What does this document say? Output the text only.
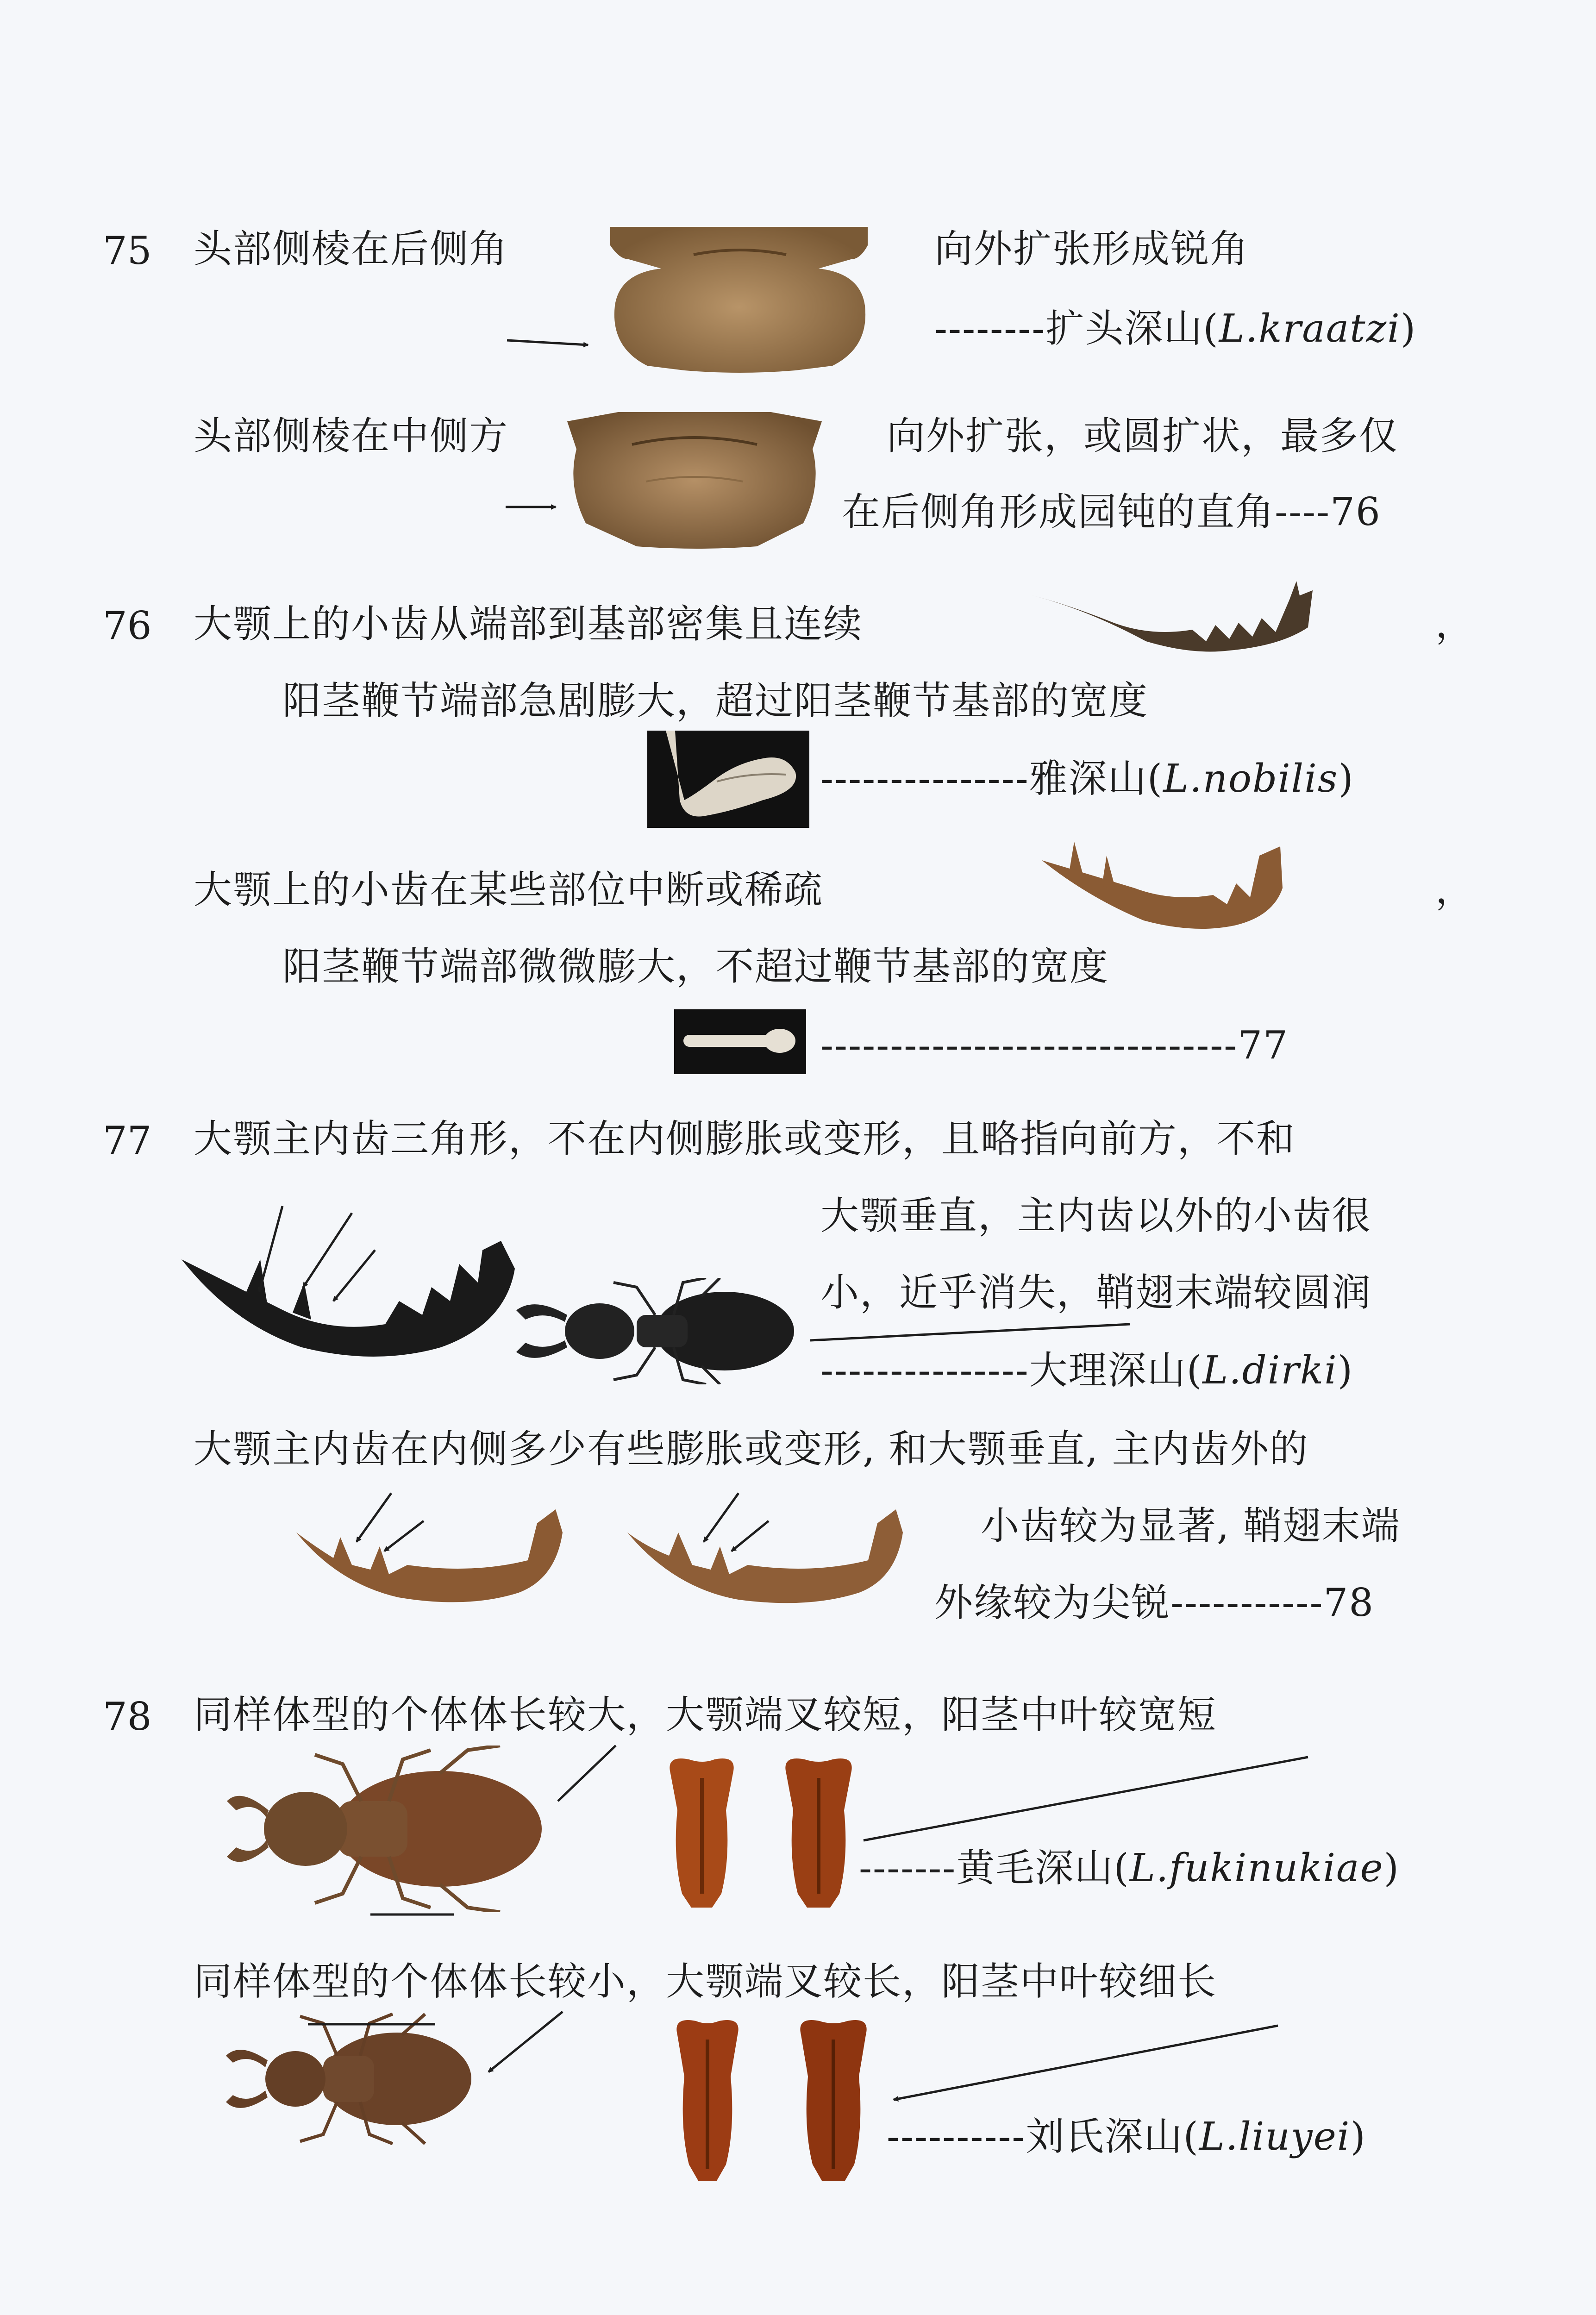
75 头部侧棱在后侧角	向外扩张形成锐角
--------扩头深山(L.kraatzi)
头部侧棱在中侧方	向外扩张，或圆扩状，最多仅
在后侧角形成园钝的直角----76
76 大颚上的小齿从端部到基部密集且连续	，
阳茎鞭节端部急剧膨大，超过阳茎鞭节基部的宽度
---------------雅深山(L.nobilis)
大颚上的小齿在某些部位中断或稀疏	，
阳茎鞭节端部微微膨大，不超过鞭节基部的宽度
------------------------------77
77 大颚主内齿三角形，不在内侧膨胀或变形，且略指向前方，不和
大颚垂直，主内齿以外的小齿很
小，近乎消失，鞘翅末端较圆润
---------------大理深山(L.dirki)
大颚主内齿在内侧多少有些膨胀或变形, 和大颚垂直, 主内齿外的
小齿较为显著, 鞘翅末端
外缘较为尖锐-----------78
78 同样体型的个体体长较大，大颚端叉较短，阳茎中叶较宽短
-------黄毛深山(L.fukinukiae)
同样体型的个体体长较小，大颚端叉较长，阳茎中叶较细长
----------刘氏深山(L.liuyei)
